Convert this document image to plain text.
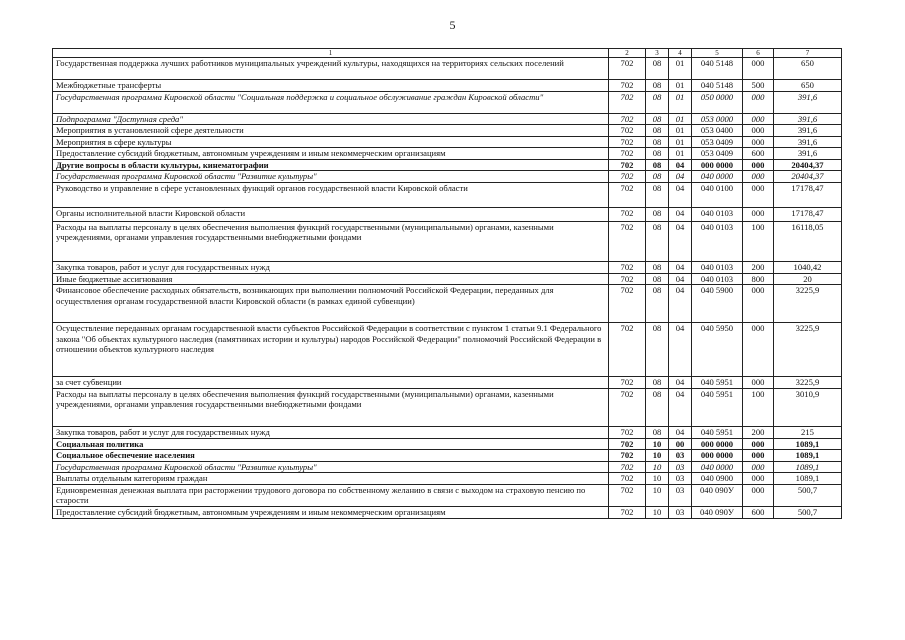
5
1	2	3	4	5	6	7
Государственная поддержка лучших работников муниципальных учреждений культуры, находящихся на территориях сельских поселений	702	08	01	040 5148	000	650
Межбюджетные трансферты	702	08	01	040 5148	500	650
Государственная программа Кировской области "Социальная поддержка и социальное обслуживание граждан Кировской области"	702	08	01	050 0000	000	391,6
Подпрограмма "Доступная среда"	702	08	01	053 0000	000	391,6
Мероприятия в установленной сфере деятельности	702	08	01	053 0400	000	391,6
Мероприятия в сфере культуры	702	08	01	053 0409	000	391,6
Предоставление субсидий бюджетным, автономным учреждениям и иным некоммерческим организациям	702	08	01	053 0409	600	391,6
Другие вопросы в области культуры, кинематографии	702	08	04	000 0000	000	20404,37
Государственная программа Кировской области "Развитие культуры"	702	08	04	040 0000	000	20404,37
Руководство и управление в сфере установленных функций органов государственной власти Кировской области	702	08	04	040 0100	000	17178,47
Органы исполнительной власти Кировской области	702	08	04	040 0103	000	17178,47
Расходы на выплаты персоналу в целях обеспечения выполнения функций государственными (муниципальными) органами, казенными учреждениями, органами управления государственными внебюджетными фондами	702	08	04	040 0103	100	16118,05
Закупка товаров, работ и услуг для государственных нужд	702	08	04	040 0103	200	1040,42
Иные бюджетные ассигнования	702	08	04	040 0103	800	20
Финансовое обеспечение расходных обязательств, возникающих при выполнении полномочий Российской Федерации, переданных для осуществления органам государственной власти Кировской области (в рамках единой субвенции)	702	08	04	040 5900	000	3225,9
Осуществление переданных органам государственной власти субъектов Российской Федерации в соответствии с пунктом 1 статьи 9.1 Федерального закона "Об объектах культурного наследия (памятниках истории и культуры) народов Российской Федерации" полномочий Российской Федерации в отношении объектов культурного наследия	702	08	04	040 5950	000	3225,9
за счет субвенции	702	08	04	040 5951	000	3225,9
Расходы на выплаты персоналу в целях обеспечения выполнения функций государственными (муниципальными) органами, казенными учреждениями, органами управления государственными внебюджетными фондами	702	08	04	040 5951	100	3010,9
Закупка товаров, работ и услуг для государственных нужд	702	08	04	040 5951	200	215
Социальная политика	702	10	00	000 0000	000	1089,1
Социальное обеспечение населения	702	10	03	000 0000	000	1089,1
Государственная программа Кировской области "Развитие культуры"	702	10	03	040 0000	000	1089,1
Выплаты отдельным категориям граждан	702	10	03	040 0900	000	1089,1
Единовременная денежная выплата при расторжении трудового договора по собственному желанию в связи с выходом на страховую пенсию по старости	702	10	03	040 090У	000	500,7
Предоставление субсидий бюджетным, автономным учреждениям и иным некоммерческим организациям	702	10	03	040 090У	600	500,7
